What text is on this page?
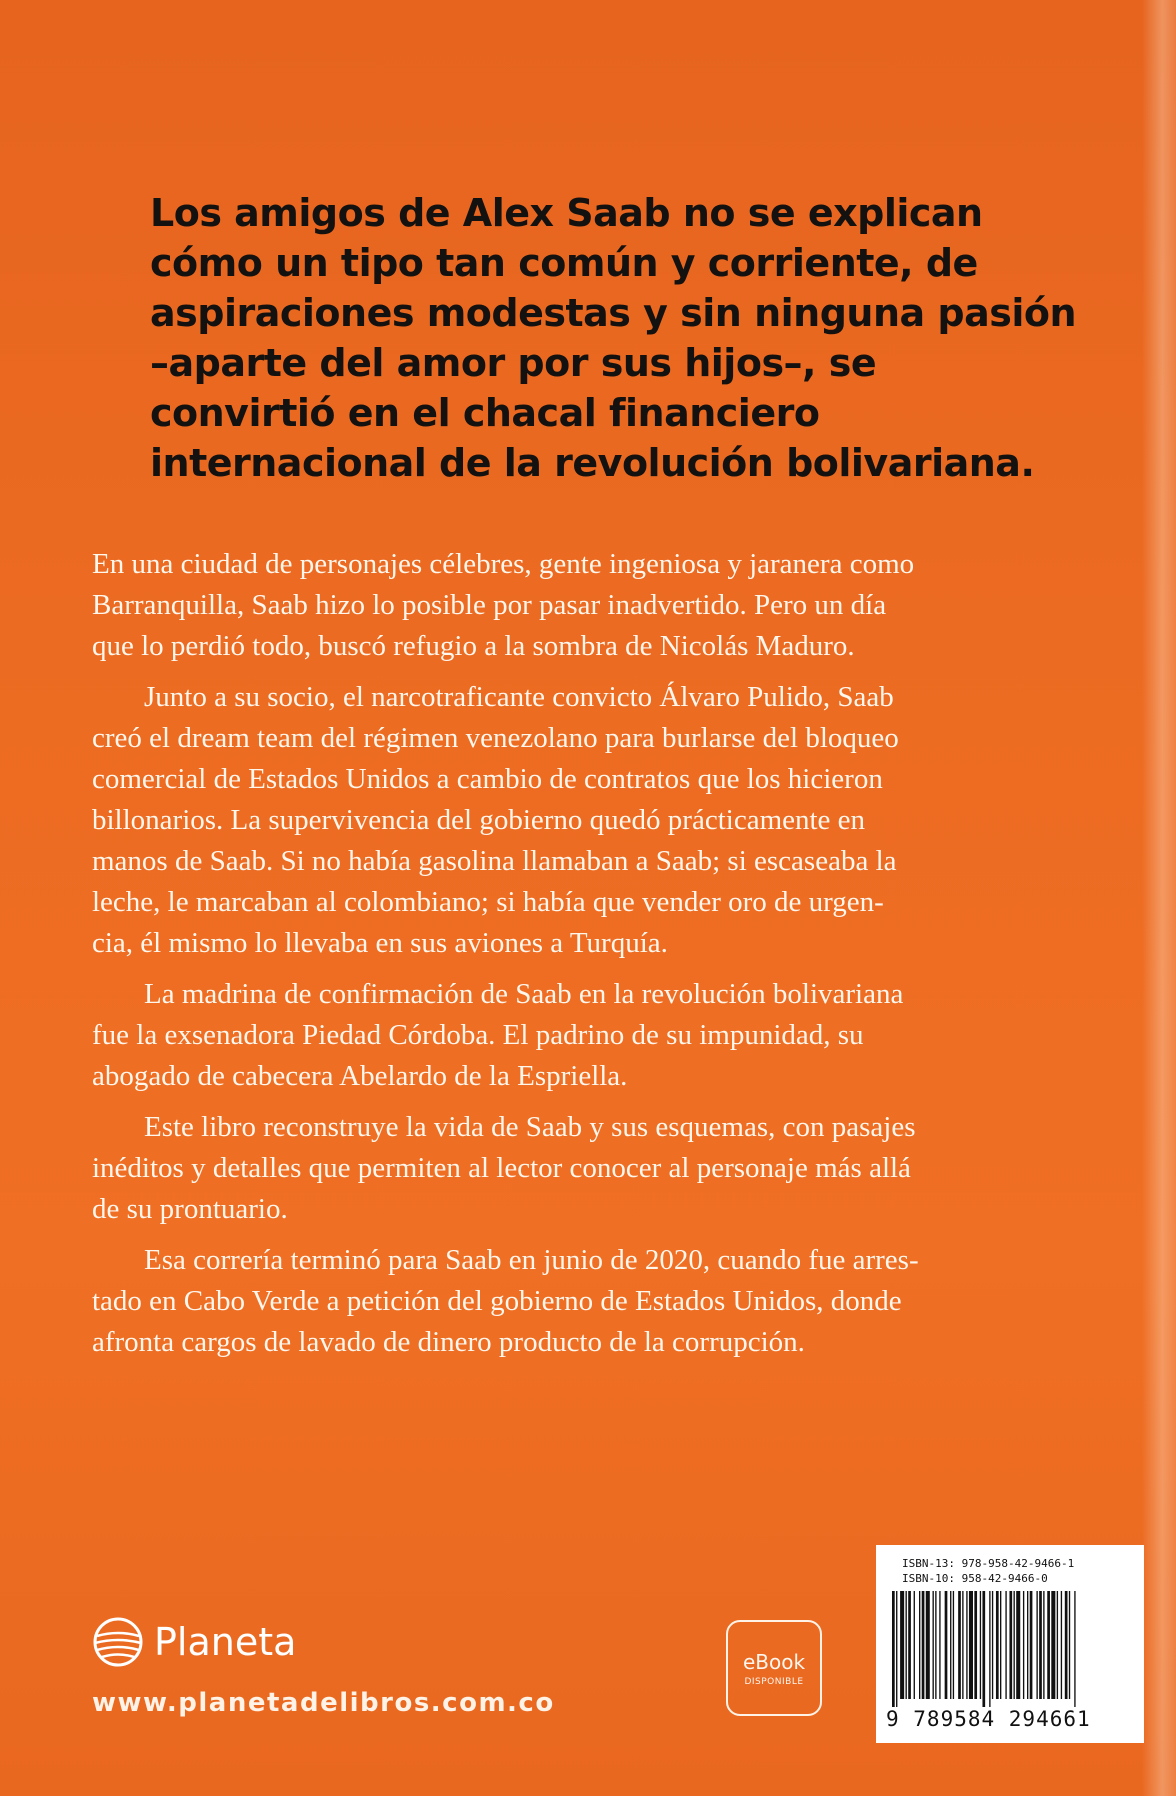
Los amigos de Alex Saab no se explican
cómo un tipo tan común y corriente, de
aspiraciones modestas y sin ninguna pasión
–aparte del amor por sus hijos–, se
convirtió en el chacal financiero
internacional de la revolución bolivariana.

En una ciudad de personajes célebres, gente ingeniosa y jaranera como
Barranquilla, Saab hizo lo posible por pasar inadvertido. Pero un día
que lo perdió todo, buscó refugio a la sombra de Nicolás Maduro.

Junto a su socio, el narcotraficante convicto Álvaro Pulido, Saab
creó el dream team del régimen venezolano para burlarse del bloqueo
comercial de Estados Unidos a cambio de contratos que los hicieron
billonarios. La supervivencia del gobierno quedó prácticamente en
manos de Saab. Si no había gasolina llamaban a Saab; si escaseaba la
leche, le marcaban al colombiano; si había que vender oro de urgen-
cia, él mismo lo llevaba en sus aviones a Turquía.

La madrina de confirmación de Saab en la revolución bolivariana
fue la exsenadora Piedad Córdoba. El padrino de su impunidad, su
abogado de cabecera Abelardo de la Espriella.

Este libro reconstruye la vida de Saab y sus esquemas, con pasajes
inéditos y detalles que permiten al lector conocer al personaje más allá
de su prontuario.

Esa correría terminó para Saab en junio de 2020, cuando fue arres-
tado en Cabo Verde a petición del gobierno de Estados Unidos, donde
afronta cargos de lavado de dinero producto de la corrupción.

Planeta
www.planetadelibros.com.co
eBook
DISPONIBLE
ISBN-13: 978-958-42-9466-1
ISBN-10: 958-42-9466-0
9 789584 294661
